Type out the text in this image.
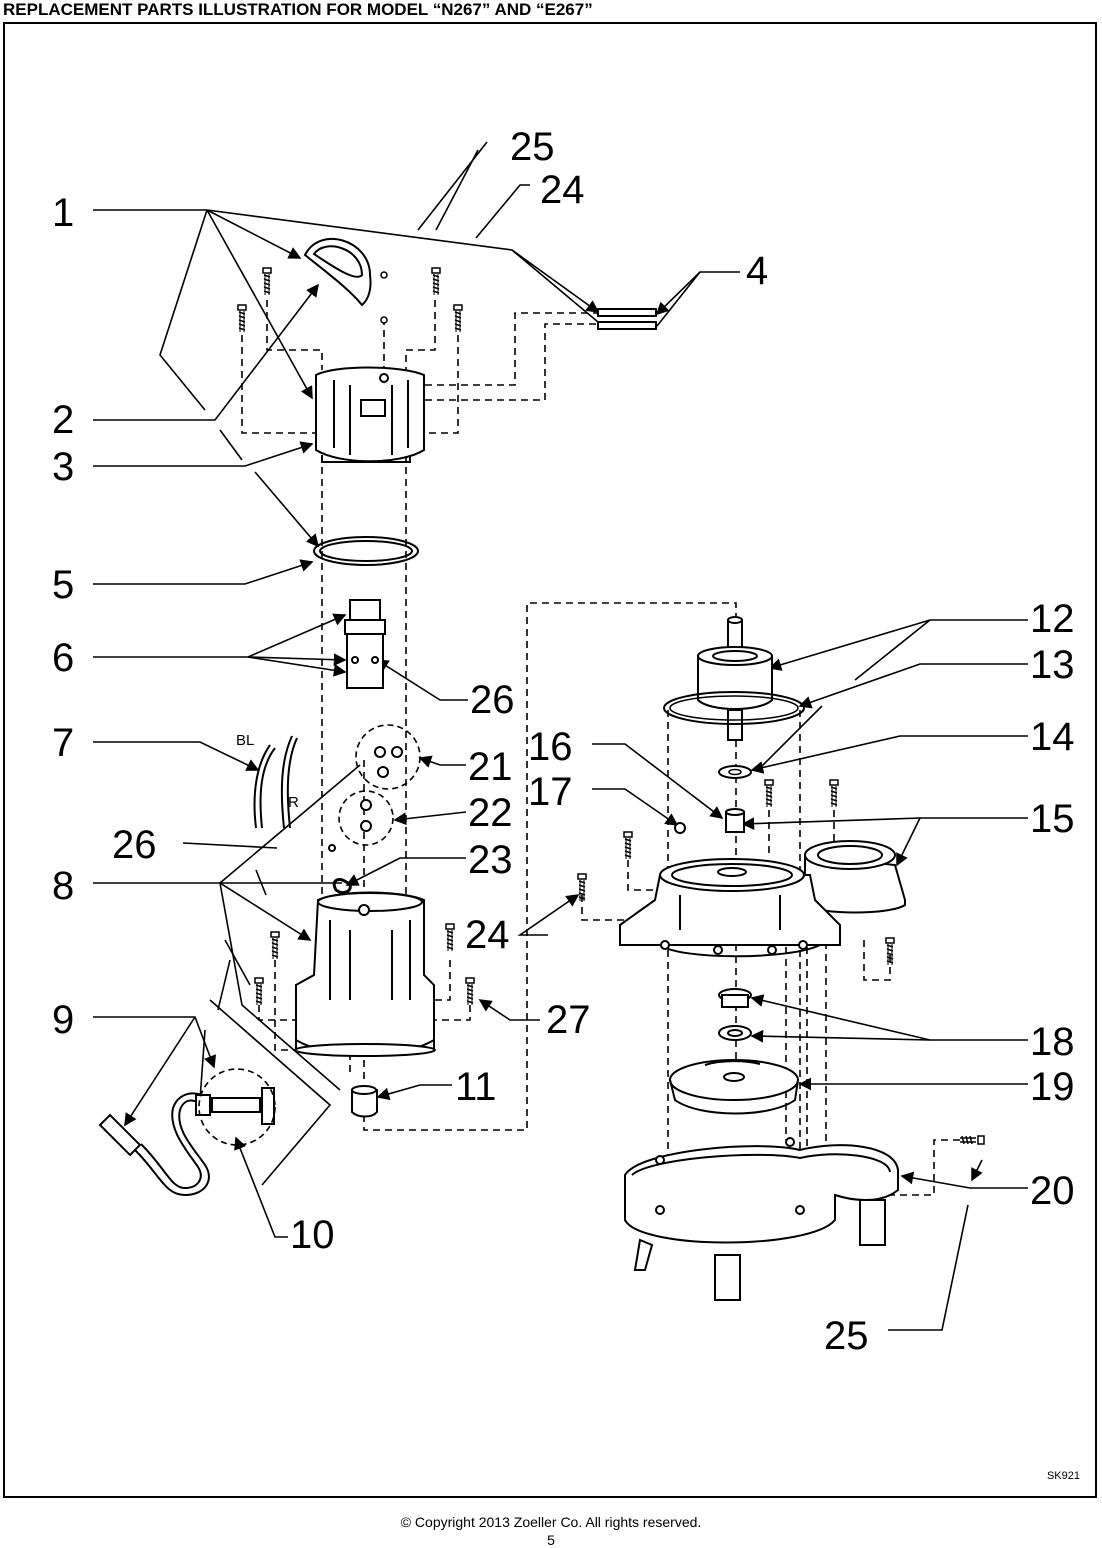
REPLACEMENT PARTS ILLUSTRATION FOR MODEL “N267” AND “E267”
1
2
3
4
5
6
7
8
9
10
11
12
13
14
15
16
17
18
19
20
21
22
23
24
24
25
25
26
26
27
BL
R
SK921
© Copyright 2013 Zoeller Co. All rights reserved.
5
